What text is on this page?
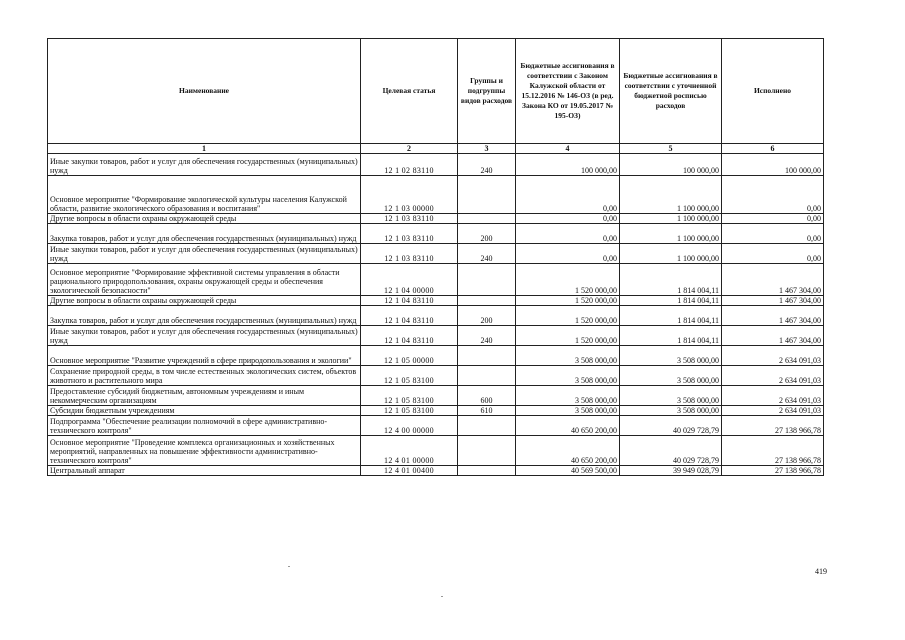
Наименование	Целевая статья	Группы и подгруппы видов расходов	Бюджетные ассигнования в соответствии с Законом Калужской области от 15.12.2016 № 146-ОЗ (в ред. Закона КО от 19.05.2017 № 195-ОЗ)	Бюджетные ассигнования в соответствии с уточненной бюджетной росписью расходов	Исполнено
1	2	3	4	5	6
Иные закупки товаров, работ и услуг для обеспечения государственных (муниципальных) нужд	12 1 02 83110	240	100 000,00	100 000,00	100 000,00
Основное мероприятие "Формирование экологической культуры населения Калужской области, развитие экологического образования и воспитания"	12 1 03 00000		0,00	1 100 000,00	0,00
Другие вопросы в области охраны окружающей среды	12 1 03 83110		0,00	1 100 000,00	0,00
Закупка товаров, работ и услуг для обеспечения государственных (муниципальных) нужд	12 1 03 83110	200	0,00	1 100 000,00	0,00
Иные закупки товаров, работ и услуг для обеспечения государственных (муниципальных) нужд	12 1 03 83110	240	0,00	1 100 000,00	0,00
Основное мероприятие "Формирование эффективной системы управления в области рационального природопользования, охраны окружающей среды и обеспечения экологической безопасности"	12 1 04 00000		1 520 000,00	1 814 004,11	1 467 304,00
Другие вопросы в области охраны окружающей среды	12 1 04 83110		1 520 000,00	1 814 004,11	1 467 304,00
Закупка товаров, работ и услуг для обеспечения государственных (муниципальных) нужд	12 1 04 83110	200	1 520 000,00	1 814 004,11	1 467 304,00
Иные закупки товаров, работ и услуг для обеспечения государственных (муниципальных) нужд	12 1 04 83110	240	1 520 000,00	1 814 004,11	1 467 304,00
Основное мероприятие "Развитие учреждений в сфере природопользования и экологии"	12 1 05 00000		3 508 000,00	3 508 000,00	2 634 091,03
Сохранение природной среды, в том числе естественных экологических систем, объектов животного и растительного мира	12 1 05 83100		3 508 000,00	3 508 000,00	2 634 091,03
Предоставление субсидий бюджетным, автономным учреждениям и иным некоммерческим организациям	12 1 05 83100	600	3 508 000,00	3 508 000,00	2 634 091,03
Субсидии бюджетным учреждениям	12 1 05 83100	610	3 508 000,00	3 508 000,00	2 634 091,03
Подпрограмма "Обеспечение реализации полномочий в сфере административно-технического контроля"	12 4 00 00000		40 650 200,00	40 029 728,79	27 138 966,78
Основное мероприятие "Проведение комплекса организационных и хозяйственных мероприятий, направленных на повышение эффективности административно-технического контроля"	12 4 01 00000		40 650 200,00	40 029 728,79	27 138 966,78
Центральный аппарат	12 4 01 00400		40 569 500,00	39 949 028,79	27 138 966,78
419
